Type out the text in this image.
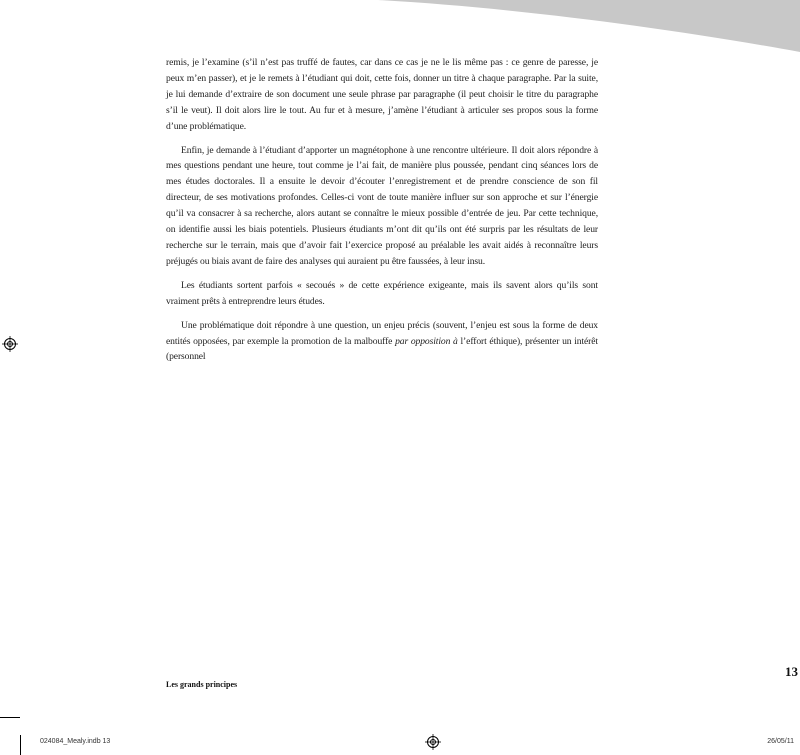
remis, je l’examine (s’il n’est pas truffé de fautes, car dans ce cas je ne le lis même pas : ce genre de paresse, je peux m’en passer), et je le remets à l’étudiant qui doit, cette fois, donner un titre à chaque paragraphe. Par la suite, je lui demande d’extraire de son document une seule phrase par paragraphe (il peut choisir le titre du paragraphe s’il le veut). Il doit alors lire le tout. Au fur et à mesure, j’amène l’étudiant à articuler ses propos sous la forme d’une problématique.

Enfin, je demande à l’étudiant d’apporter un magnétophone à une rencontre ultérieure. Il doit alors répondre à mes questions pendant une heure, tout comme je l’ai fait, de manière plus poussée, pendant cinq séances lors de mes études doctorales. Il a ensuite le devoir d’écouter l’enregistrement et de prendre conscience de son fil directeur, de ses motivations profondes. Celles-ci vont de toute manière influer sur son approche et sur l’énergie qu’il va consacrer à sa recherche, alors autant se connaître le mieux possible d’entrée de jeu. Par cette technique, on identifie aussi les biais potentiels. Plusieurs étudiants m’ont dit qu’ils ont été surpris par les résultats de leur recherche sur le terrain, mais que d’avoir fait l’exercice proposé au préalable les avait aidés à reconnaître leurs préjugés ou biais avant de faire des analyses qui auraient pu être faussées, à leur insu.

Les étudiants sortent parfois « secoués » de cette expérience exigeante, mais ils savent alors qu’ils sont vraiment prêts à entreprendre leurs études.

Une problématique doit répondre à une question, un enjeu précis (souvent, l’enjeu est sous la forme de deux entités opposées, par exemple la promotion de la malbouffe par opposition à l’effort éthique), présenter un intérêt (personnel

13
Les grands principes
024084_Mealy.indb 13	26/05/11
